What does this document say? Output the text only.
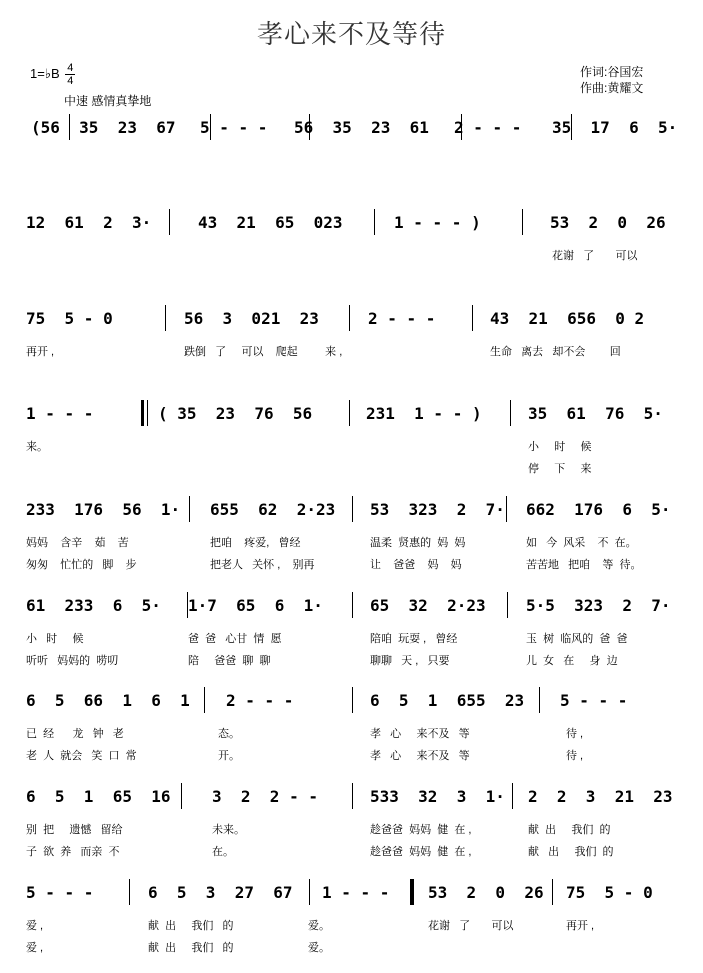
孝心来不及等待
1=♭B $\frac{4}{4}$
中速 感情真挚地
作词:谷国宏
作曲:黄耀文
(56  35  23  67 5 - - - 56  35  23  61 2 - - - 35  17  6  5·
12  61  2  3·	43  21  65  023	1 - - - )	53  2  0  26
花谢   了       可以
75  5 - 0	56  3  021  23	2 - - -	43  21  656  0 2
再开 ,	跌倒   了     可以    爬起         来 ,	生命   离去   却不会        回
1 - - -	( 35  23  76  56	231  1 - - )	35  61  76  5·
来。	小     时     候
233  176  56  1· 655  62  2·23 53  323  2  7· 662  176  6  5·
妈妈    含辛    茹    苦	把咱    疼爱,   曾经	温柔  贤惠的  妈  妈	如   今  风采    不  在。
61  233  6  5· 1·7  65  6  1·	65  32  2·23	5·5  323  2  7·
小   时     候	爸  爸   心甘  情  愿	陪咱  玩耍 ,   曾经	玉  树  临风的  爸  爸
6  5  66  1  6  1 2 - - -	6  5  1  655  23 5 - - -
已  经      龙   钟   老	态。	孝   心     来不及   等	待 ,
6  5  1  65  16	3  2  2 - -	533  32  3  1· 2  2  3  21  23
别  把     遗憾   留给	未来。	趁爸爸  妈妈  健  在 ,	献  出     我们  的
5 - - -	6  5  3  27  67 1 - - - 53  2  0  26 75  5 - 0
爱 ,	献  出     我们   的	爱。	花谢   了       可以	再开 ,
停     下     来
匆匆    忙忙的   脚    步	把老人   关怀 ,    别再	让    爸爸    妈    妈	苦苦地   把咱    等  待。
听听   妈妈的  唠叨	陪     爸爸  聊  聊	聊聊   天 ,   只要	儿  女   在     身  边
老  人  就会   笑  口  常	开。	孝   心     来不及   等	待 ,
子  欲  养   而亲  不	在。	趁爸爸  妈妈  健  在 ,	献   出     我们  的
爱 ,	献  出     我们   的	爱。
